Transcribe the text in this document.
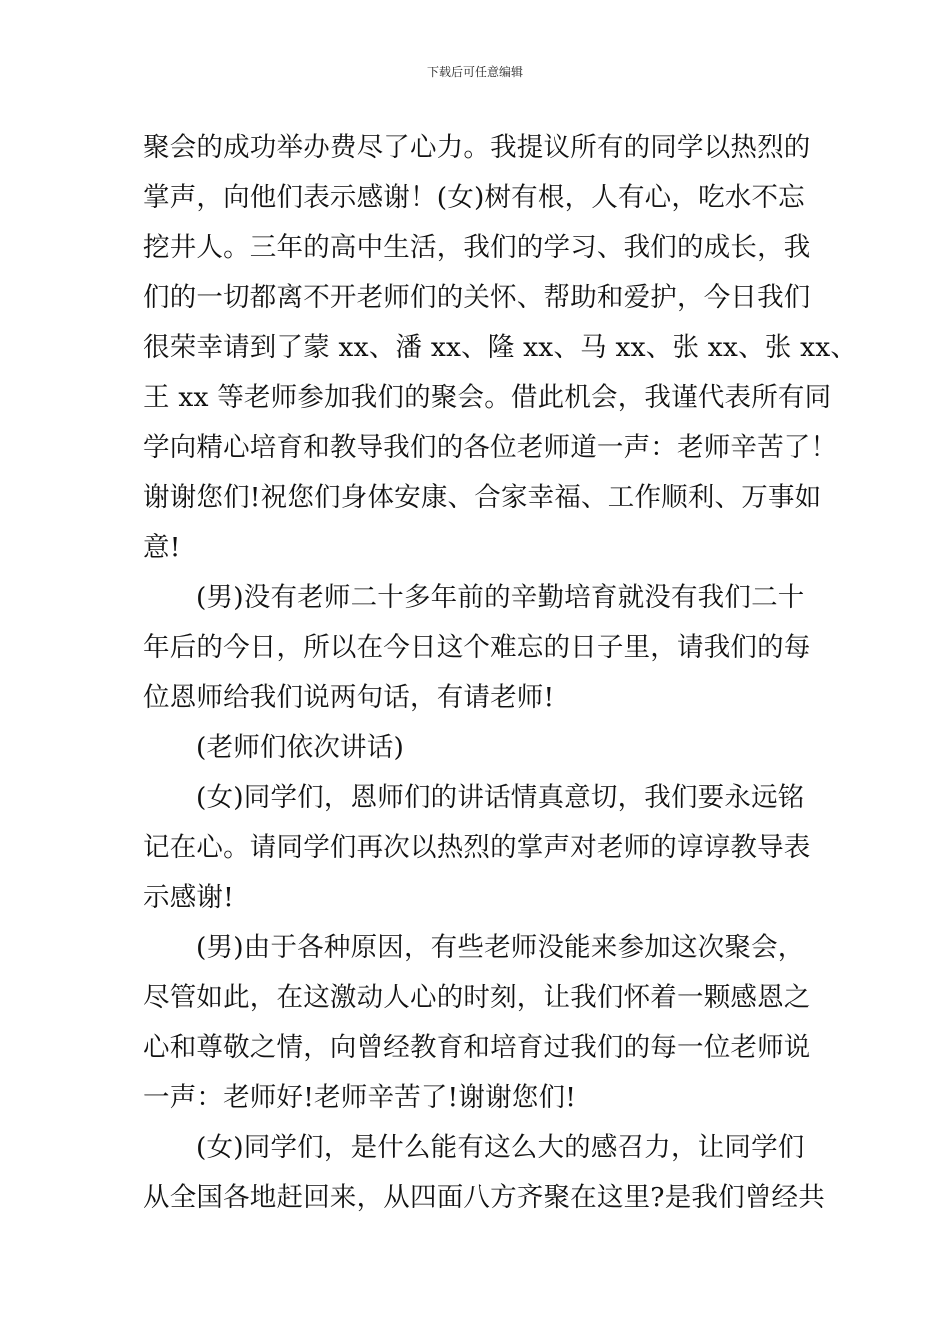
下载后可任意编辑
聚会的成功举办费尽了心力。我提议所有的同学以热烈的
掌声，向他们表示感谢！(女)树有根，人有心，吃水不忘
挖井人。三年的高中生活，我们的学习、我们的成长，我
们的一切都离不开老师们的关怀、帮助和爱护，今日我们
很荣幸请到了蒙 xx、潘 xx、隆 xx、马 xx、张 xx、张 xx、
王 xx 等老师参加我们的聚会。借此机会，我谨代表所有同
学向精心培育和教导我们的各位老师道一声：老师辛苦了！
谢谢您们!祝您们身体安康、合家幸福、工作顺利、万事如
意!
(男)没有老师二十多年前的辛勤培育就没有我们二十
年后的今日，所以在今日这个难忘的日子里，请我们的每
位恩师给我们说两句话，有请老师!
(老师们依次讲话)
(女)同学们，恩师们的讲话情真意切，我们要永远铭
记在心。请同学们再次以热烈的掌声对老师的谆谆教导表
示感谢!
(男)由于各种原因，有些老师没能来参加这次聚会，
尽管如此，在这激动人心的时刻，让我们怀着一颗感恩之
心和尊敬之情，向曾经教育和培育过我们的每一位老师说
一声：老师好!老师辛苦了!谢谢您们!
(女)同学们，是什么能有这么大的感召力，让同学们
从全国各地赶回来，从四面八方齐聚在这里?是我们曾经共
